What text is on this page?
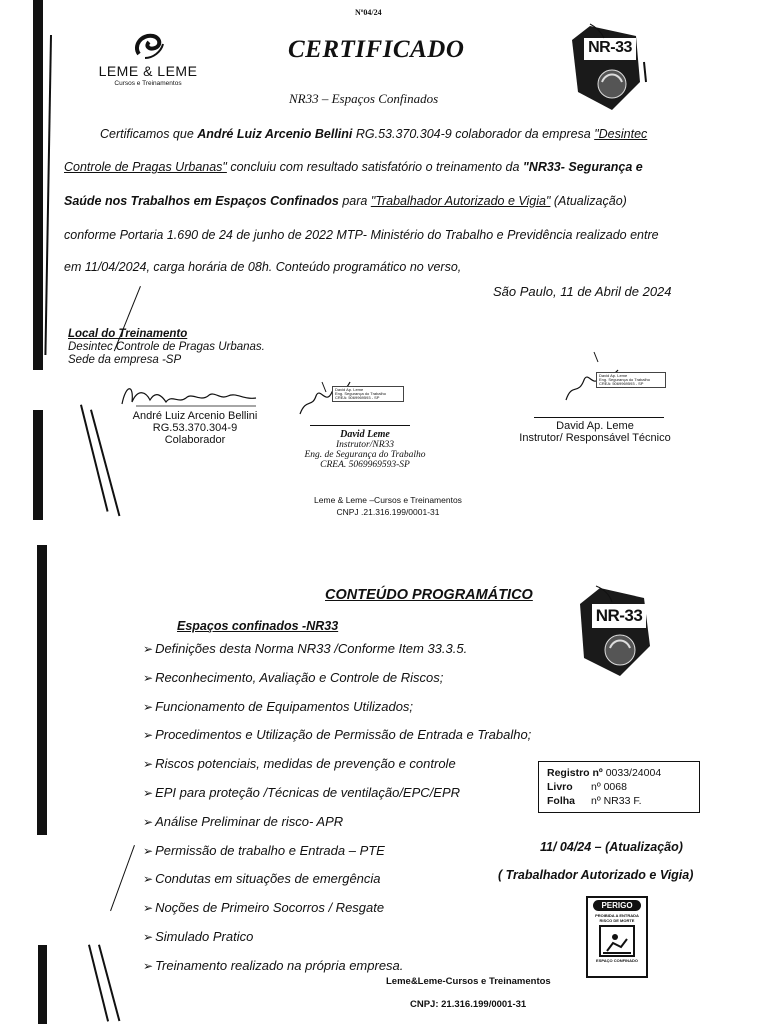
Nº04/24
LEME & LEME
Cursos e Treinamentos
CERTIFICADO
NR33 – Espaços Confinados
NR-33
Certificamos que André Luiz Arcenio Bellini RG.53.370.304-9 colaborador da empresa "Desintec
Controle de Pragas Urbanas" concluiu com resultado satisfatório o treinamento da "NR33- Segurança e
Saúde nos Trabalhos em Espaços Confinados para "Trabalhador Autorizado e Vigia" (Atualização)
conforme Portaria 1.690 de 24 de junho de 2022 MTP- Ministério do Trabalho e Previdência realizado entre
em 11/04/2024, carga horária de 08h. Conteúdo programático no verso,
São Paulo, 11 de Abril de 2024
Local do Treinamento
Desintec Controle de Pragas Urbanas.
Sede da empresa -SP
André Luiz Arcenio Bellini
RG.53.370.304-9
Colaborador
David Ap. Leme
Eng. Segurança do Trabalho
CREA: 5069969593 - SP
David Leme
Instrutor/NR33
Eng. de Segurança do Trabalho
CREA. 5069969593-SP
David Ap. Leme
Eng. Segurança do Trabalho
CREA: 5069969593 - SP
David Ap. Leme
Instrutor/ Responsável Técnico
Leme & Leme –Cursos e Treinamentos
CNPJ .21.316.199/0001-31
CONTEÚDO PROGRAMÁTICO
Espaços confinados -NR33
➢ Definições desta Norma NR33 /Conforme Item 33.3.5.
➢ Reconhecimento, Avaliação e Controle de Riscos;
➢ Funcionamento de Equipamentos Utilizados;
➢ Procedimentos e Utilização de Permissão de Entrada e Trabalho;
➢ Riscos potenciais, medidas de prevenção e controle
➢ EPI para proteção /Técnicas de ventilação/EPC/EPR
➢ Análise Preliminar de risco- APR
➢ Permissão de trabalho e Entrada – PTE
➢ Condutas em situações de emergência
➢ Noções de Primeiro Socorros / Resgate
➢ Simulado Pratico
➢ Treinamento realizado na própria empresa.
NR-33
Registro nº 0033/24004
Livro nº 0068
Folha nº NR33 F.
11/ 04/24 – (Atualização)
( Trabalhador Autorizado e Vigia)
PERIGO
PROIBIDA A ENTRADA
RISCO DE MORTE
ESPAÇO CONFINADO
Leme&Leme-Cursos e Treinamentos
CNPJ: 21.316.199/0001-31
